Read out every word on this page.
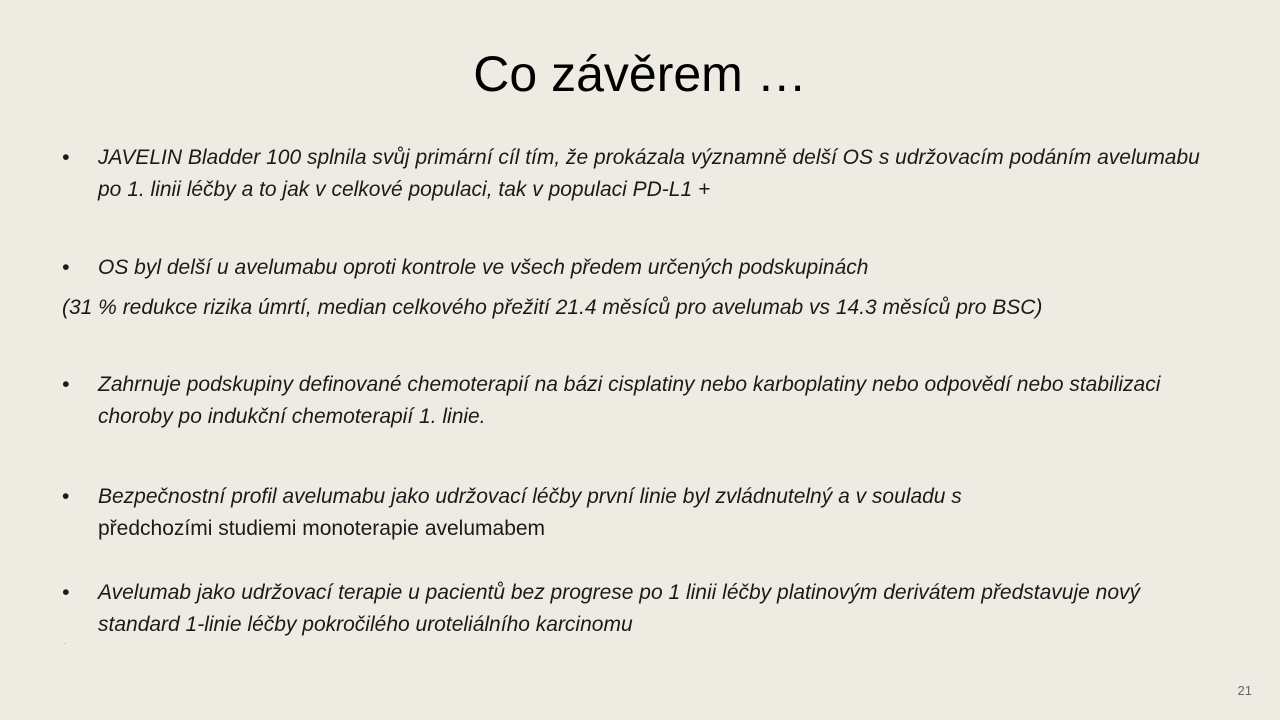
Co závěrem …
•	JAVELIN Bladder 100 splnila svůj primární cíl tím, že prokázala významně delší OS s udržovacím podáním avelumabu po 1. linii léčby a to jak v celkové populaci, tak v populaci PD-L1 +
•	OS byl delší u avelumabu oproti kontrole ve všech předem určených podskupinách
(31 % redukce rizika úmrtí, median celkového přežití 21.4 měsíců pro avelumab vs 14.3 měsíců pro BSC)
•	Zahrnuje podskupiny definované chemoterapií na bázi cisplatiny nebo karboplatiny nebo odpovědí nebo stabilizaci choroby po indukční chemoterapií 1. linie.
•	Bezpečnostní profil avelumabu jako udržovací léčby první linie byl zvládnutelný a v souladu s
předchozími studiemi monoterapie avelumabem
•	Avelumab jako udržovací terapie u pacientů bez progrese po 1 linii léčby platinovým derivátem představuje nový standard 1-linie léčby pokročilého uroteliálního karcinomu
.
21
